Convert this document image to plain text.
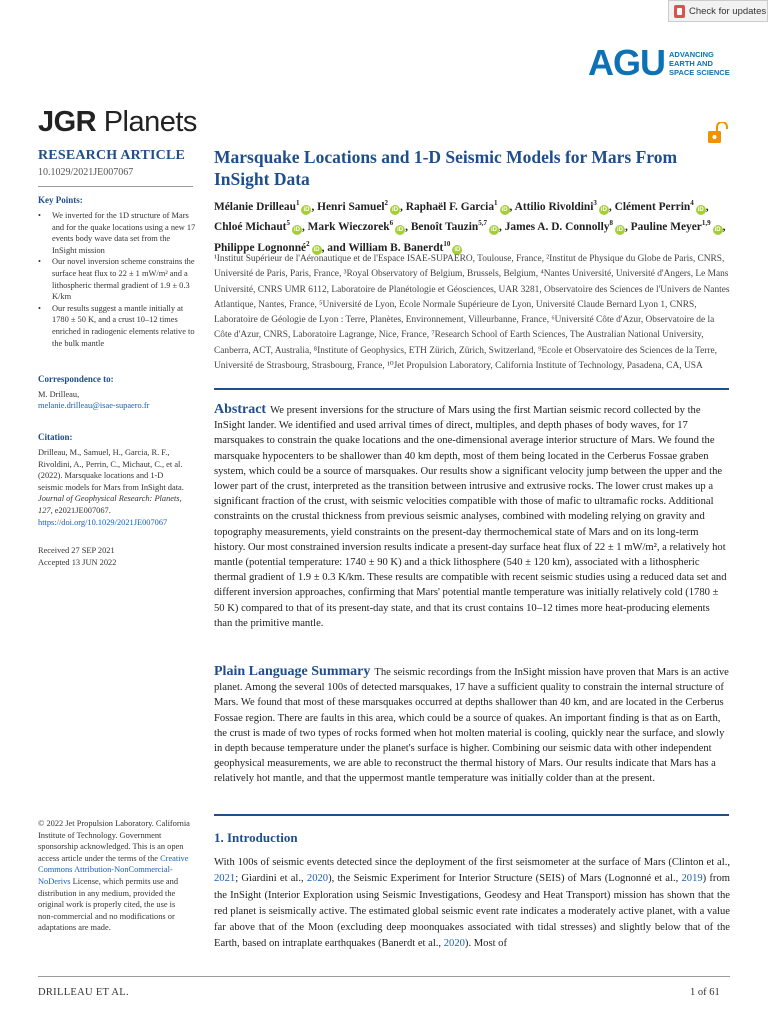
Check for updates
AGU ADVANCING
EARTH AND
SPACE SCIENCE
JGR Planets
RESEARCH ARTICLE
10.1029/2021JE007067
Key Points:
• We inverted for the 1D structure of Mars and for the quake locations using a new 17 events body wave data set from the InSight mission
• Our novel inversion scheme constrains the surface heat flux to 22 ± 1 mW/m² and a lithospheric thermal gradient of 1.9 ± 0.3 K/km
• Our results suggest a mantle initially at 1780 ± 50 K, and a crust 10–12 times enriched in radiogenic elements relative to the bulk mantle
Correspondence to:
M. Drilleau,
melanie.drilleau@isae-supaero.fr
Citation:
Drilleau, M., Samuel, H., Garcia, R. F., Rivoldini, A., Perrin, C., Michaut, C., et al. (2022). Marsquake locations and 1-D seismic models for Mars from InSight data. Journal of Geophysical Research: Planets, 127, e2021JE007067. https://doi.org/10.1029/2021JE007067
Received 27 SEP 2021
Accepted 13 JUN 2022
© 2022 Jet Propulsion Laboratory. California Institute of Technology. Government sponsorship acknowledged. This is an open access article under the terms of the Creative Commons Attribution-NonCommercial-NoDerivs License, which permits use and distribution in any medium, provided the original work is properly cited, the use is non-commercial and no modifications or adaptations are made.
Marsquake Locations and 1-D Seismic Models for Mars From InSight Data
Mélanie Drilleau$^1$iD , Henri Samuel$^2$iD , Raphaël F. Garcia$^1$iD , Attilio Rivoldini$^3$iD , Clément Perrin$^4$iD , Chloé Michaut$^5$iD , Mark Wieczorek$^6$iD , Benoît Tauzin$^{5,7}$iD , James A. D. Connolly$^8$iD , Pauline Meyer$^{1,9}$iD , Philippe Lognonné$^2$iD , and William B. Banerdt$^{10}$iD
¹Institut Supérieur de l'Aéronautique et de l'Espace ISAE-SUPAERO, Toulouse, France, ²Institut de Physique du Globe de Paris, CNRS, Université de Paris, Paris, France, ³Royal Observatory of Belgium, Brussels, Belgium, ⁴Nantes Université, Université d'Angers, Le Mans Université, CNRS UMR 6112, Laboratoire de Planétologie et Géosciences, UAR 3281, Observatoire des Sciences de l'Univers de Nantes Atlantique, Nantes, France, ⁵Université de Lyon, Ecole Normale Supérieure de Lyon, Université Claude Bernard Lyon 1, CNRS, Laboratoire de Géologie de Lyon : Terre, Planètes, Environnement, Villeurbanne, France, ⁶Université Côte d'Azur, Observatoire de la Côte d'Azur, CNRS, Laboratoire Lagrange, Nice, France, ⁷Research School of Earth Sciences, The Australian National University, Canberra, ACT, Australia, ⁸Institute of Geophysics, ETH Zürich, Zürich, Switzerland, ⁹Ecole et Observatoire des Sciences de la Terre, Université de Strasbourg, Strasbourg, France, ¹⁰Jet Propulsion Laboratory, California Institute of Technology, Pasadena, CA, USA
Abstract We present inversions for the structure of Mars using the first Martian seismic record collected by the InSight lander. We identified and used arrival times of direct, multiples, and depth phases of body waves, for 17 marsquakes to constrain the quake locations and the one-dimensional average interior structure of Mars. We found the marsquake hypocenters to be shallower than 40 km depth, most of them being located in the Cerberus Fossae graben system, which could be a source of marsquakes. Our results show a significant velocity jump between the upper and the lower part of the crust, interpreted as the transition between intrusive and extrusive rocks. The lower crust makes up a significant fraction of the crust, with seismic velocities compatible with those of mafic to ultramafic rocks. Additional constraints on the crustal thickness from previous seismic analyses, combined with modeling relying on gravity and topography measurements, yield constraints on the present-day thermochemical state of Mars and on its long-term history. Our most constrained inversion results indicate a present-day surface heat flux of 22 ± 1 mW/m², a relatively hot mantle (potential temperature: 1740 ± 90 K) and a thick lithosphere (540 ± 120 km), associated with a lithospheric thermal gradient of 1.9 ± 0.3 K/km. These results are compatible with recent seismic studies using a reduced data set and different inversion approaches, confirming that Mars' potential mantle temperature was initially relatively cold (1780 ± 50 K) compared to that of its present-day state, and that its crust contains 10–12 times more heat-producing elements than the primitive mantle.
Plain Language Summary The seismic recordings from the InSight mission have proven that Mars is an active planet. Among the several 100s of detected marsquakes, 17 have a sufficient quality to constrain the internal structure of Mars. We found that most of these marsquakes occurred at depths shallower than 40 km, and are located in the Cerberus Fossae region. There are faults in this area, which could be a source of quakes. An important finding is that as on Earth, the crust is made of two types of rocks formed when hot molten material is cooling, quickly near the surface, and slowly in depth because temperature under the planet's surface is higher. Combining our seismic data with other independent geophysical measurements, we are able to reconstruct the thermal history of Mars. Our results indicate that Mars has a relatively hot mantle, and that the uppermost mantle temperature was initially colder than at the present.
1. Introduction
With 100s of seismic events detected since the deployment of the first seismometer at the surface of Mars (Clinton et al., 2021; Giardini et al., 2020), the Seismic Experiment for Interior Structure (SEIS) of Mars (Lognonné et al., 2019) from the InSight (Interior Exploration using Seismic Investigations, Geodesy and Heat Transport) mission has shown that the red planet is seismically active. The estimated global seismic event rate indicates a moderately active planet, with a value far above that of the Moon (excluding deep moonquakes associated with tidal stresses) and slightly below that of the Earth, based on intraplate earthquakes (Banerdt et al., 2020). Most of
DRILLEAU ET AL.	1 of 61
